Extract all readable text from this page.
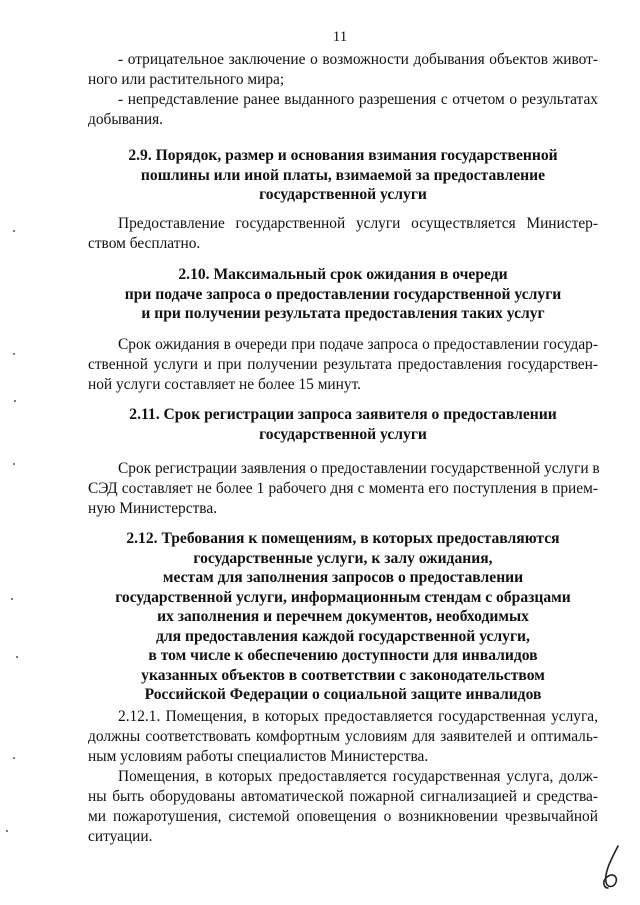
11
- отрицательное заключение о возможности добывания объектов живот-
ного или растительного мира;
- непредставление ранее выданного разрешения с отчетом о результатах
добывания.
2.9. Порядок, размер и основания взимания государственной
пошлины или иной платы, взимаемой за предоставление
государственной услуги
Предоставление государственной услуги осуществляется Министер-
ством бесплатно.
2.10. Максимальный срок ожидания в очереди
при подаче запроса о предоставлении государственной услуги
и при получении результата предоставления таких услуг
Срок ожидания в очереди при подаче запроса о предоставлении государ-
ственной услуги и при получении результата предоставления государствен-
ной услуги составляет не более 15 минут.
2.11. Срок регистрации запроса заявителя о предоставлении
государственной услуги
Срок регистрации заявления о предоставлении государственной услуги в
СЭД составляет не более 1 рабочего дня с момента его поступления в прием-
ную Министерства.
2.12. Требования к помещениям, в которых предоставляются
государственные услуги, к залу ожидания,
местам для заполнения запросов о предоставлении
государственной услуги, информационным стендам с образцами
их заполнения и перечнем документов, необходимых
для предоставления каждой государственной услуги,
в том числе к обеспечению доступности для инвалидов
указанных объектов в соответствии с законодательством
Российской Федерации о социальной защите инвалидов
2.12.1. Помещения, в которых предоставляется государственная услуга,
должны соответствовать комфортным условиям для заявителей и оптималь-
ным условиям работы специалистов Министерства.
Помещения, в которых предоставляется государственная услуга, долж-
ны быть оборудованы автоматической пожарной сигнализацией и средства-
ми пожаротушения, системой оповещения о возникновении чрезвычайной
ситуации.
